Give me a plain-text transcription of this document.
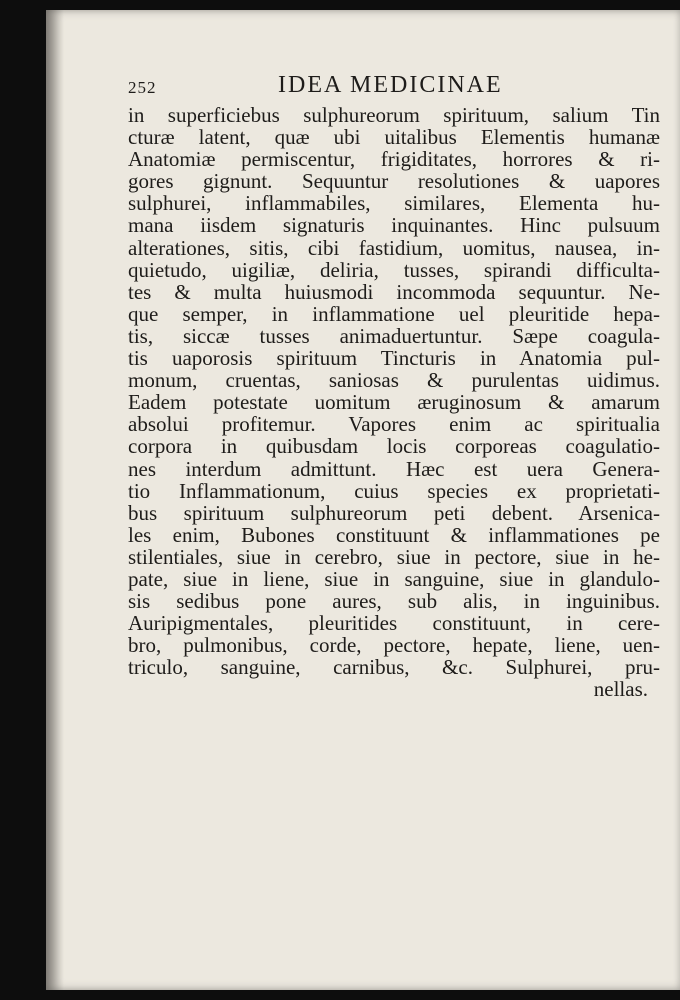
252	IDEA MEDICINAE
in superficiebus sulphureorum spirituum, salium Tin
cturæ latent, quæ ubi uitalibus Elementis humanæ
Anatomiæ permiscentur, frigiditates, horrores & ri-
gores gignunt. Sequuntur resolutiones & uapores
sulphurei, inflammabiles, similares, Elementa hu-
mana iisdem signaturis inquinantes. Hinc pulsuum
alterationes, sitis, cibi fastidium, uomitus, nausea, in-
quietudo, uigiliæ, deliria, tusses, spirandi difficulta-
tes & multa huiusmodi incommoda sequuntur. Ne-
que semper, in inflammatione uel pleuritide hepa-
tis, siccæ tusses animaduertuntur. Sæpe coagula-
tis uaporosis spirituum Tincturis in Anatomia pul-
monum, cruentas, saniosas & purulentas uidimus.
Eadem potestate uomitum æruginosum & amarum
absolui profitemur. Vapores enim ac spiritualia
corpora in quibusdam locis corporeas coagulatio-
nes interdum admittunt. Hæc est uera Genera-
tio Inflammationum, cuius species ex proprietati-
bus spirituum sulphureorum peti debent. Arsenica-
les enim, Bubones constituunt & inflammationes pe
stilentiales, siue in cerebro, siue in pectore, siue in he-
pate, siue in liene, siue in sanguine, siue in glandulo-
sis sedibus pone aures, sub alis, in inguinibus.
Auripigmentales, pleuritides constituunt, in cere-
bro, pulmonibus, corde, pectore, hepate, liene, uen-
triculo, sanguine, carnibus, &c. Sulphurei, pru-
nellas.
